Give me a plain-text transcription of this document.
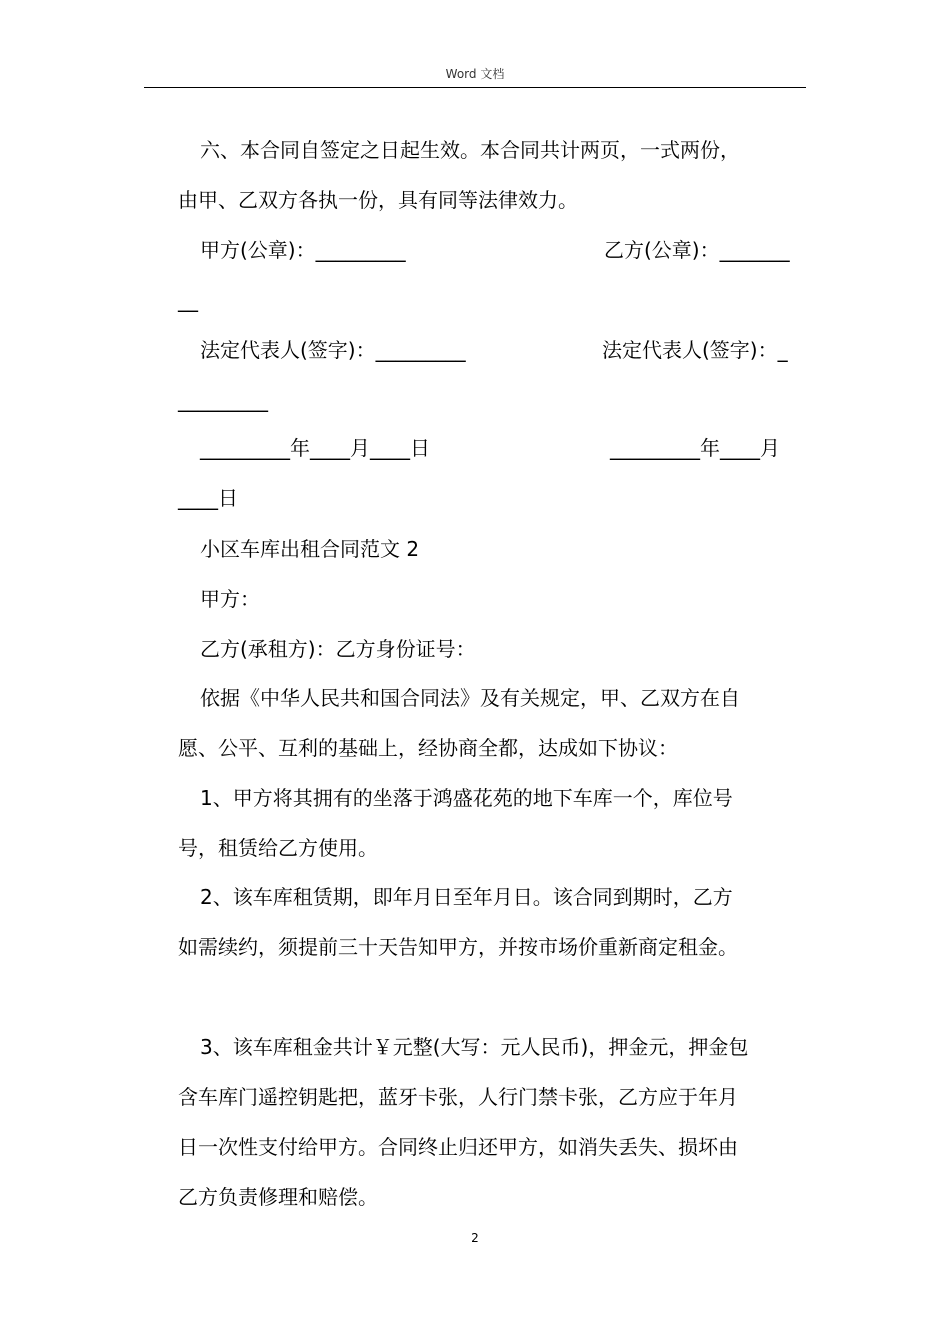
Word 文档
六、本合同自签定之日起生效。本合同共计两页，一式两份，
由甲、乙双方各执一份，具有同等法律效力。
甲方(公章)：_________	乙方(公章)：_______
__
法定代表人(签字)：_________	法定代表人(签字)：_
_________
_________年____月____日	_________年____月
____日
小区车库出租合同范文 2
甲方：
乙方(承租方)：乙方身份证号：
依据《中华人民共和国合同法》及有关规定，甲、乙双方在自
愿、公平、互利的基础上，经协商全都，达成如下协议：
1、甲方将其拥有的坐落于鸿盛花苑的地下车库一个，库位号
号，租赁给乙方使用。
2、该车库租赁期，即年月日至年月日。该合同到期时，乙方
如需续约，须提前三十天告知甲方，并按市场价重新商定租金。
3、该车库租金共计￥元整(大写：元人民币)，押金元，押金包
含车库门遥控钥匙把，蓝牙卡张，人行门禁卡张，乙方应于年月
日一次性支付给甲方。合同终止归还甲方，如消失丢失、损坏由
乙方负责修理和赔偿。
2
